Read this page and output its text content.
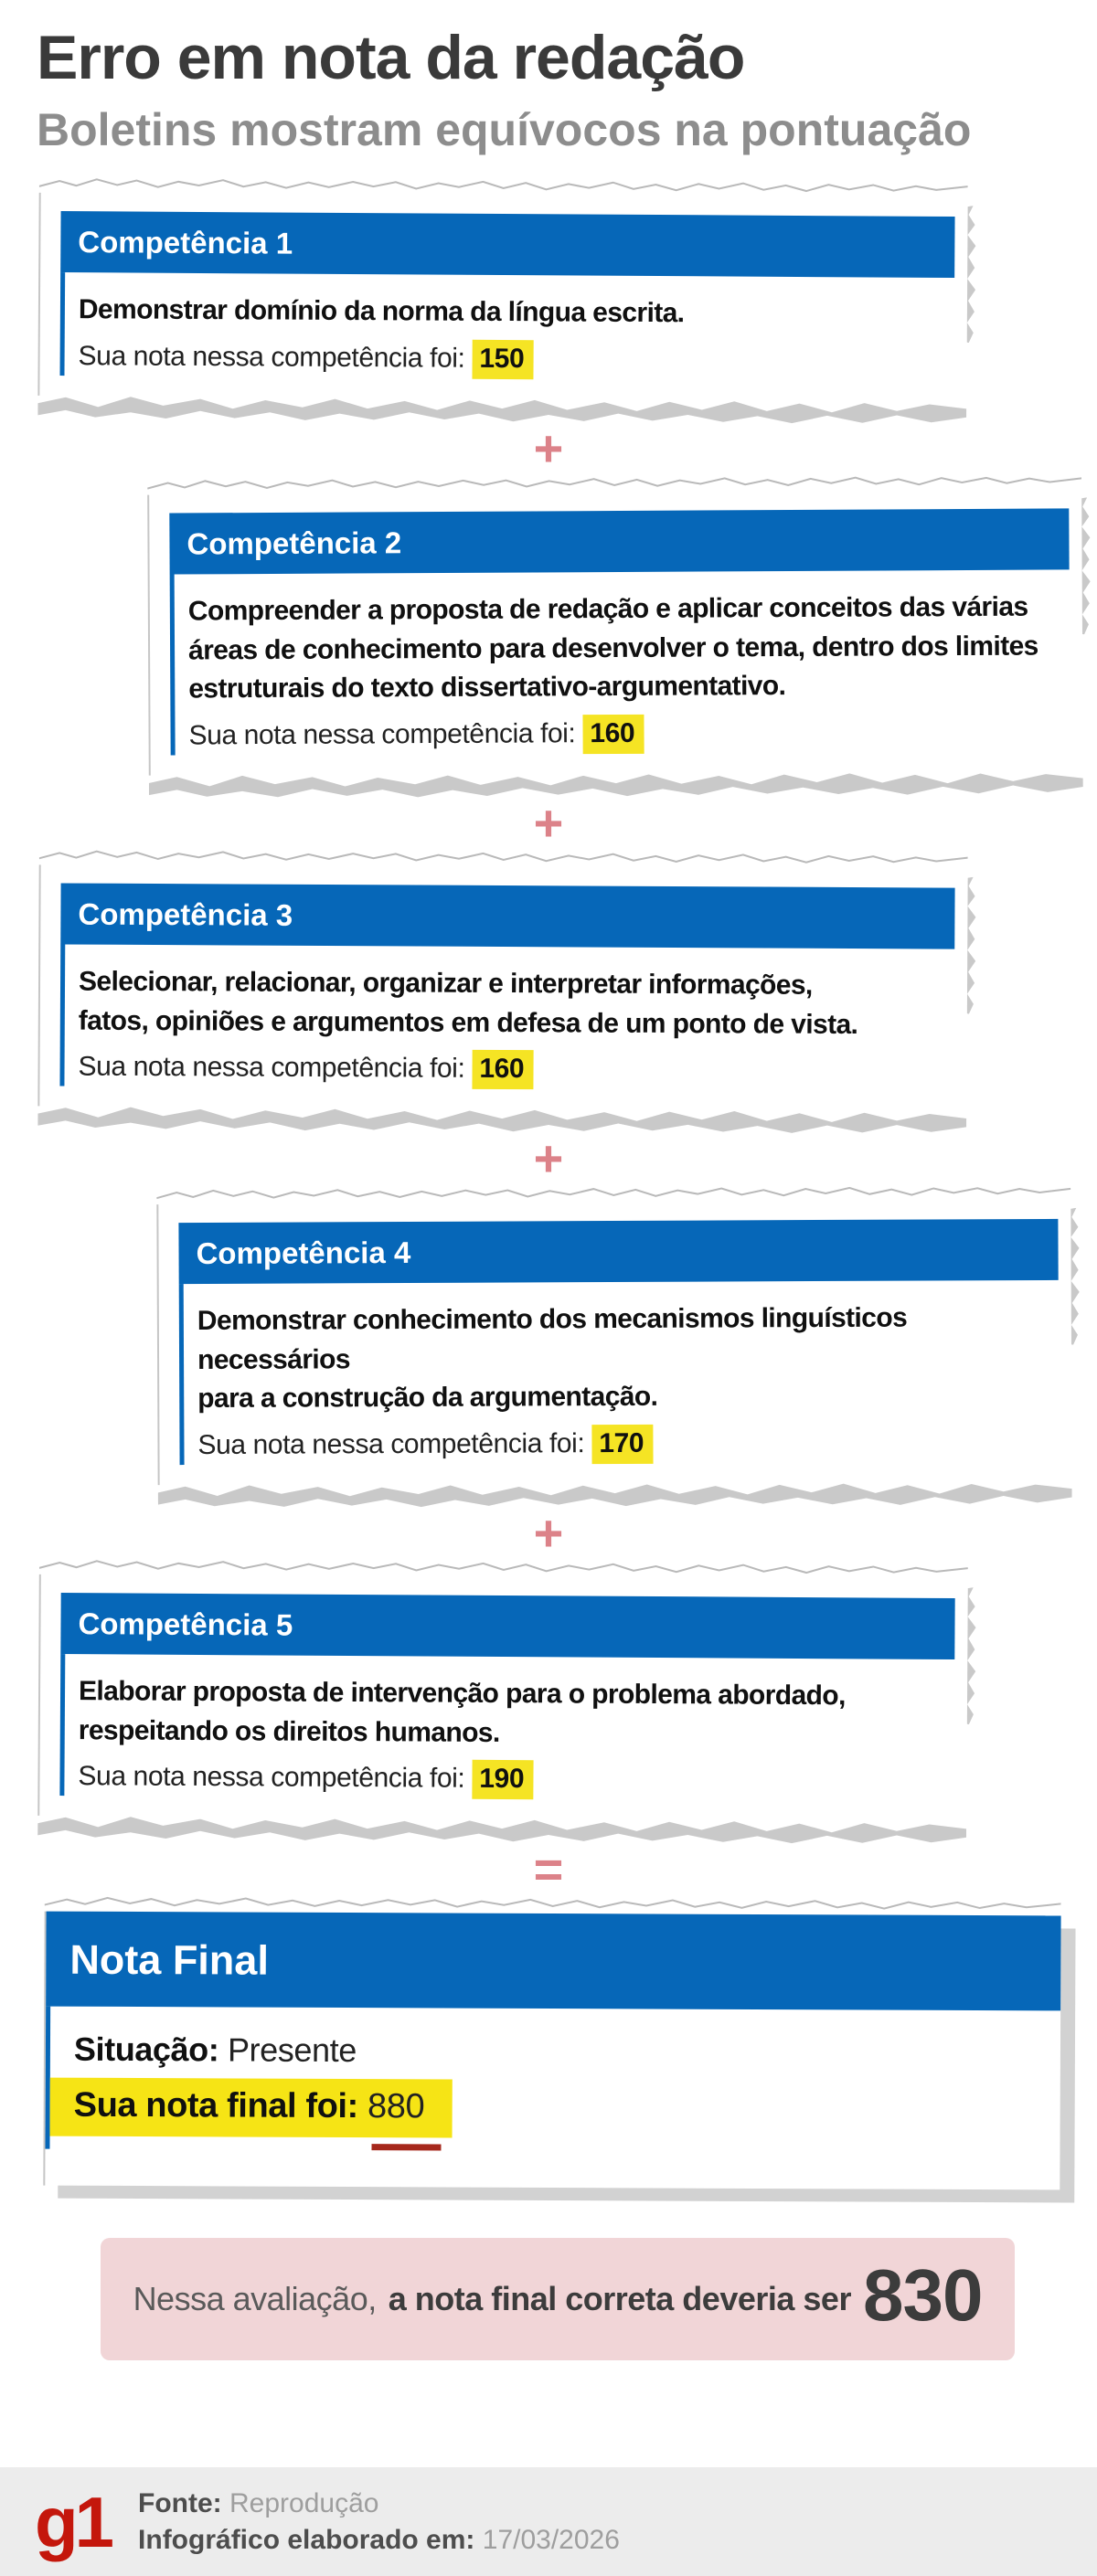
Erro em nota da redação
Boletins mostram equívocos na pontuação
Competência 1

Demonstrar domínio da norma da língua escrita.

Sua nota nessa competência foi: 150

+
Competência 2

Compreender a proposta de redação e aplicar conceitos das várias
áreas de conhecimento para desenvolver o tema, dentro dos limites
estruturais do texto dissertativo-argumentativo.

Sua nota nessa competência foi: 160

+
Competência 3

Selecionar, relacionar, organizar e interpretar informações,
fatos, opiniões e argumentos em defesa de um ponto de vista.

Sua nota nessa competência foi: 160

+
Competência 4

Demonstrar conhecimento dos mecanismos linguísticos necessários
para a construção da argumentação.

Sua nota nessa competência foi: 170

+
Competência 5

Elaborar proposta de intervenção para o problema abordado,
respeitando os direitos humanos.

Sua nota nessa competência foi: 190

=
Nota Final

Situação: Presente

Sua nota final foi: 880
Nessa avaliação, a nota final correta deveria ser 830
g1 Fonte: Reprodução
Infográfico elaborado em: 17/03/2026
